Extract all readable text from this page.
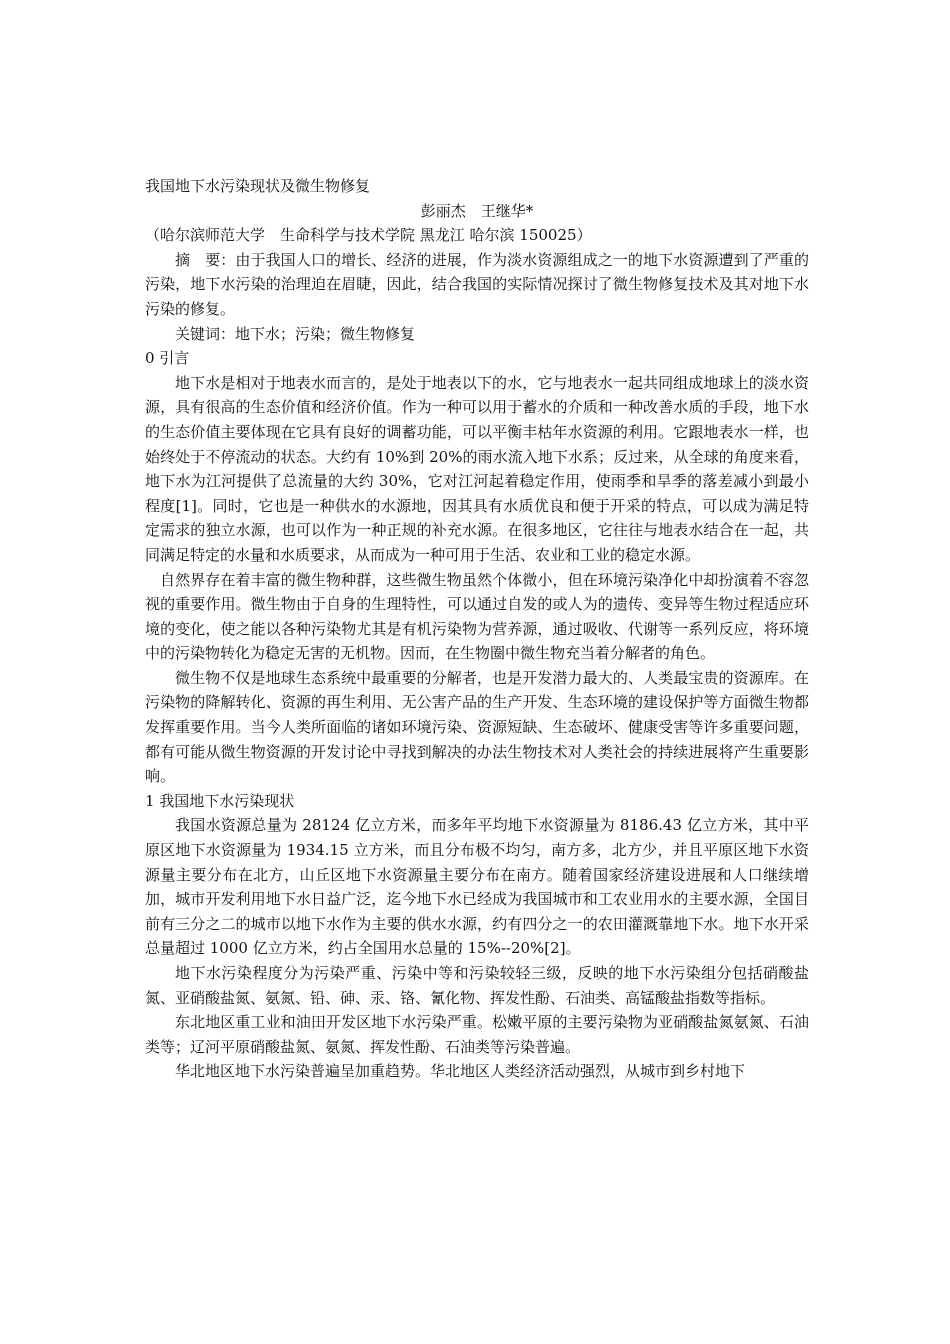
我国地下水污染现状及微生物修复

彭丽杰　王继华*

（哈尔滨师范大学　生命科学与技术学院 黑龙江 哈尔滨 150025）

摘　要：由于我国人口的增长、经济的进展，作为淡水资源组成之一的地下水资源遭到了严重的污染，地下水污染的治理迫在眉睫，因此，结合我国的实际情况探讨了微生物修复技术及其对地下水污染的修复。

关键词：地下水；污染；微生物修复

0 引言

地下水是相对于地表水而言的，是处于地表以下的水，它与地表水一起共同组成地球上的淡水资源，具有很高的生态价值和经济价值。作为一种可以用于蓄水的介质和一种改善水质的手段，地下水的生态价值主要体现在它具有良好的调蓄功能，可以平衡丰枯年水资源的利用。它跟地表水一样，也始终处于不停流动的状态。大约有 10%到 20%的雨水流入地下水系；反过来，从全球的角度来看，地下水为江河提供了总流量的大约 30%，它对江河起着稳定作用，使雨季和旱季的落差减小到最小程度[1]。同时，它也是一种供水的水源地，因其具有水质优良和便于开采的特点，可以成为满足特定需求的独立水源，也可以作为一种正规的补充水源。在很多地区，它往往与地表水结合在一起，共同满足特定的水量和水质要求，从而成为一种可用于生活、农业和工业的稳定水源。

自然界存在着丰富的微生物种群，这些微生物虽然个体微小，但在环境污染净化中却扮演着不容忽视的重要作用。微生物由于自身的生理特性，可以通过自发的或人为的遗传、变异等生物过程适应环境的变化，使之能以各种污染物尤其是有机污染物为营养源，通过吸收、代谢等一系列反应，将环境中的污染物转化为稳定无害的无机物。因而，在生物圈中微生物充当着分解者的角色。

微生物不仅是地球生态系统中最重要的分解者，也是开发潜力最大的、人类最宝贵的资源库。在污染物的降解转化、资源的再生利用、无公害产品的生产开发、生态环境的建设保护等方面微生物都发挥重要作用。当今人类所面临的诸如环境污染、资源短缺、生态破坏、健康受害等许多重要问题，都有可能从微生物资源的开发讨论中寻找到解决的办法生物技术对人类社会的持续进展将产生重要影响。

1 我国地下水污染现状

我国水资源总量为 28124 亿立方米，而多年平均地下水资源量为 8186.43 亿立方米，其中平原区地下水资源量为 1934.15 立方米，而且分布极不均匀，南方多，北方少，并且平原区地下水资源量主要分布在北方，山丘区地下水资源量主要分布在南方。随着国家经济建设进展和人口继续增加，城市开发利用地下水日益广泛，迄今地下水已经成为我国城市和工农业用水的主要水源，全国目前有三分之二的城市以地下水作为主要的供水水源，约有四分之一的农田灌溉靠地下水。地下水开采总量超过 1000 亿立方米，约占全国用水总量的 15%--20%[2]。

地下水污染程度分为污染严重、污染中等和污染较轻三级，反映的地下水污染组分包括硝酸盐氮、亚硝酸盐氮、氨氮、铅、砷、汞、铬、氰化物、挥发性酚、石油类、高锰酸盐指数等指标。

东北地区重工业和油田开发区地下水污染严重。松嫩平原的主要污染物为亚硝酸盐氮氨氮、石油类等；辽河平原硝酸盐氮、氨氮、挥发性酚、石油类等污染普遍。

华北地区地下水污染普遍呈加重趋势。华北地区人类经济活动强烈，从城市到乡村地下
